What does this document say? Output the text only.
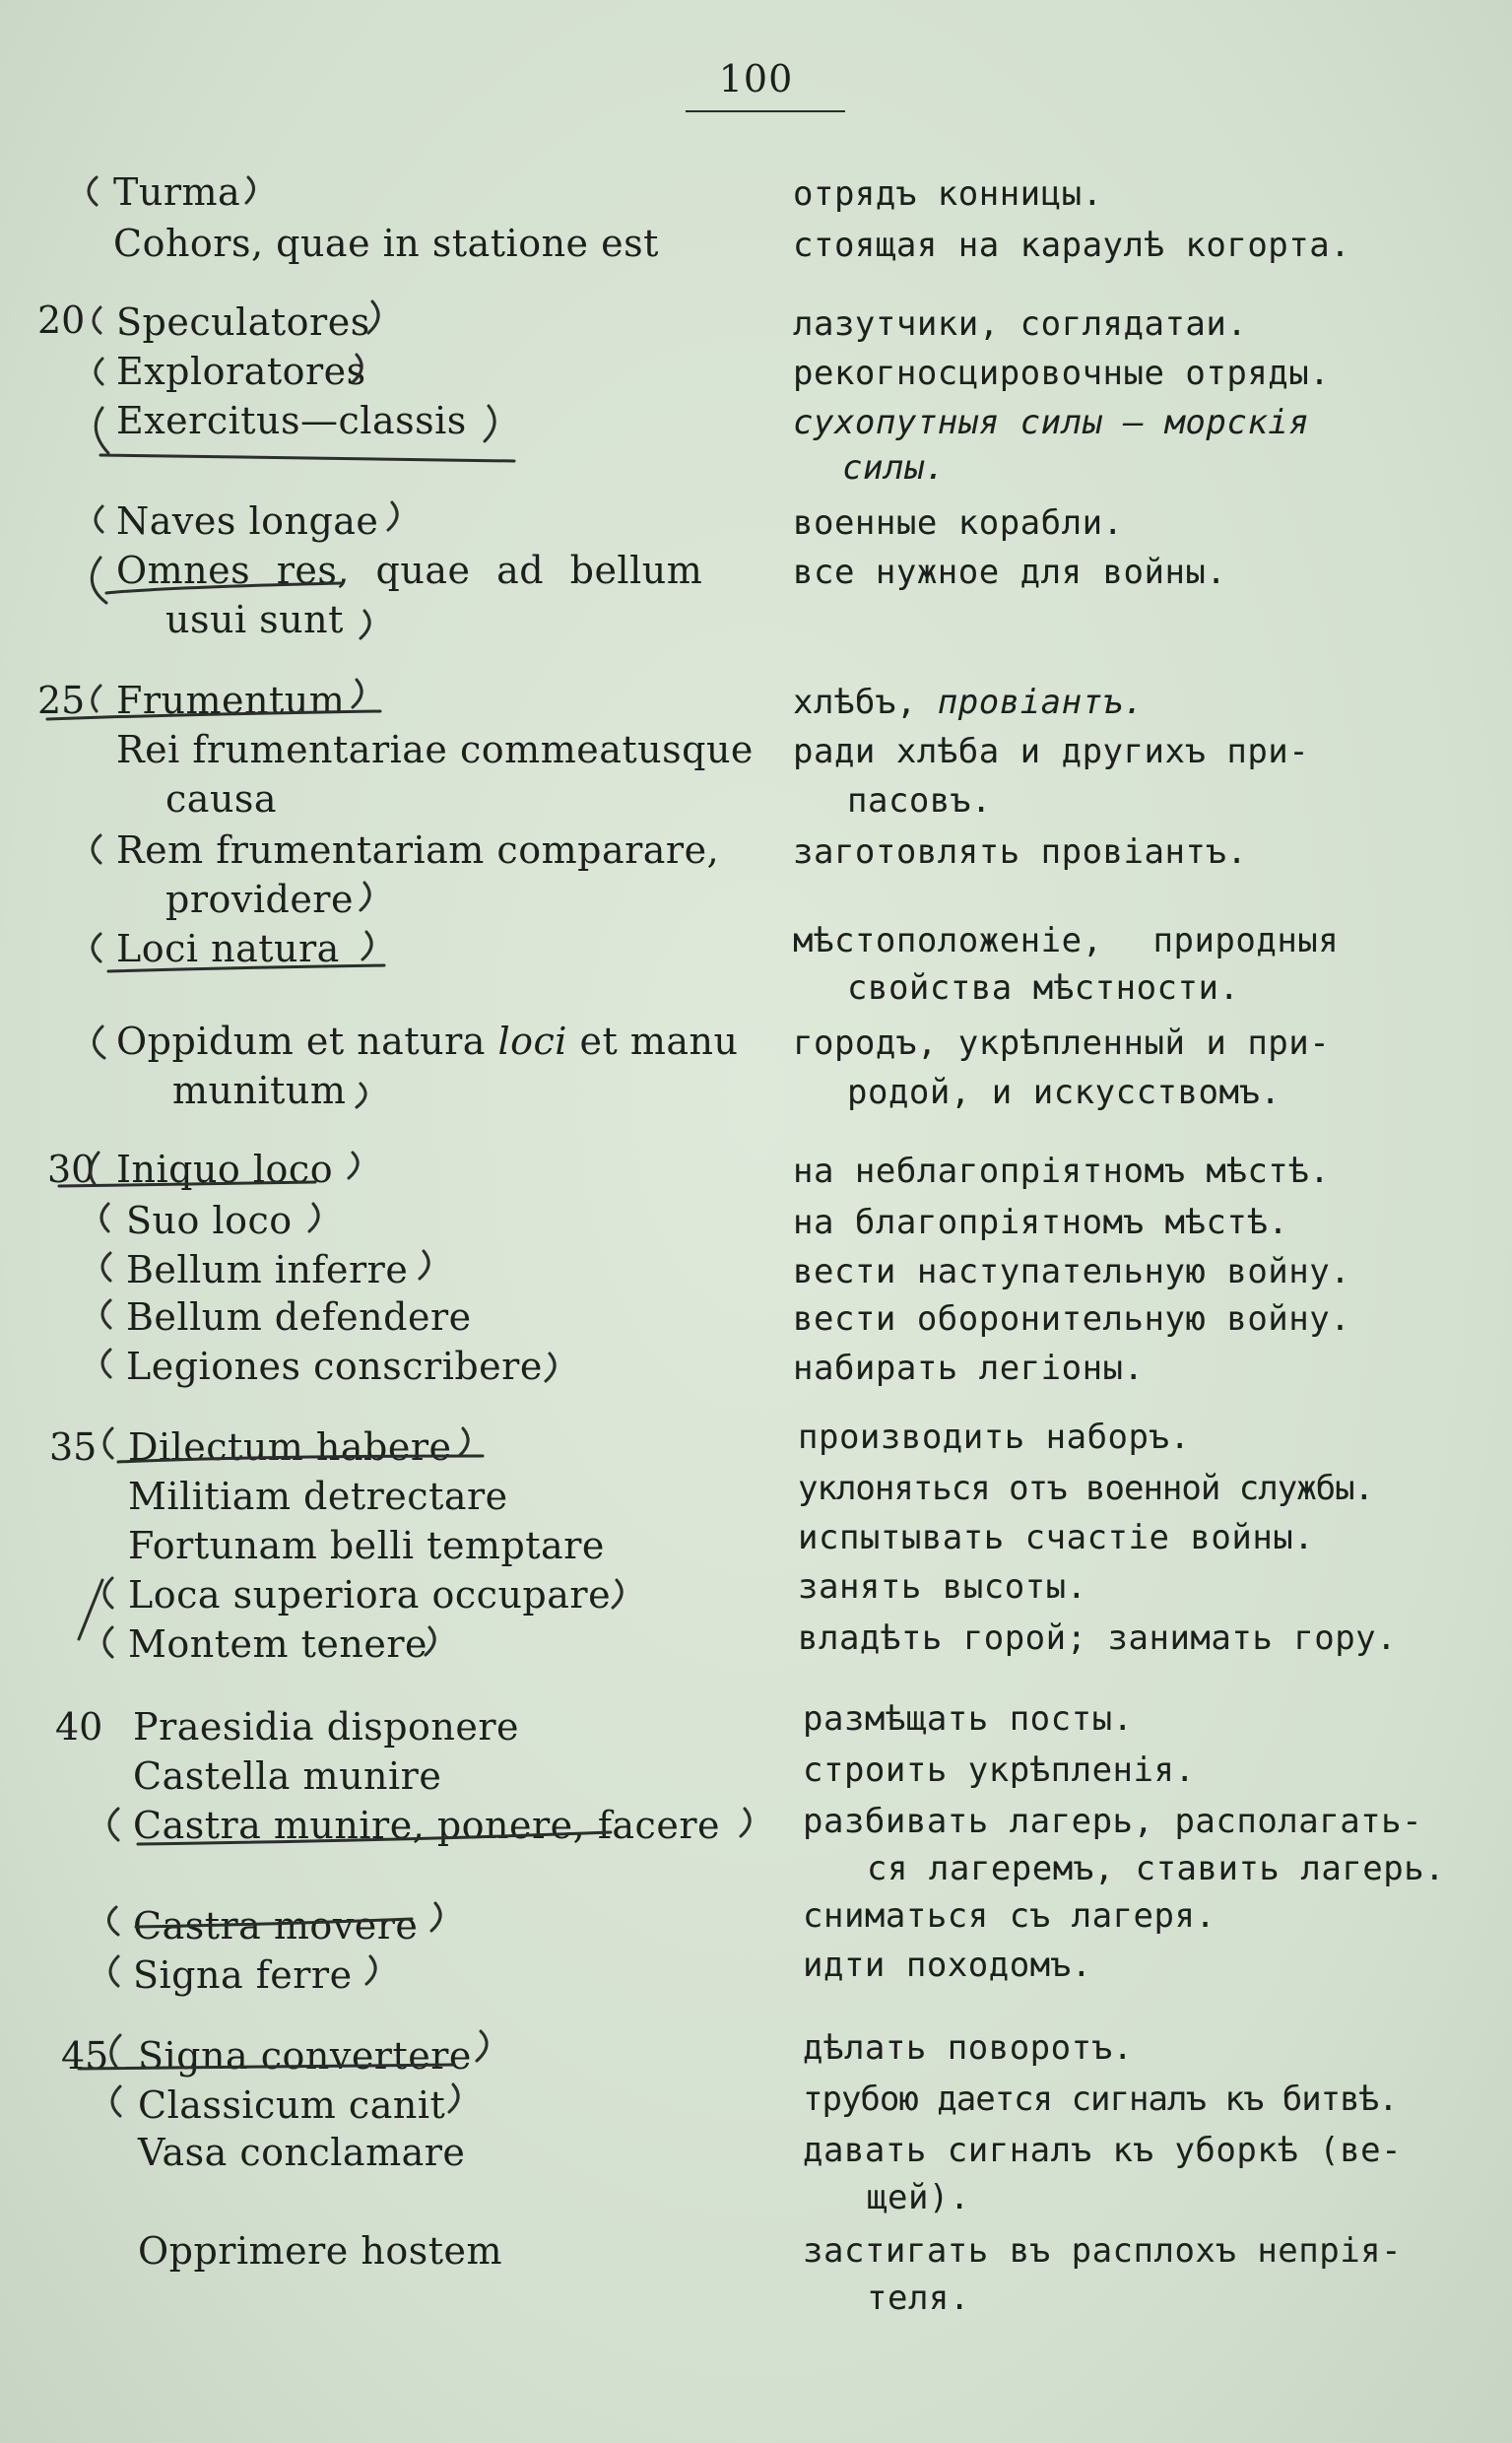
100
Turma	отрядъ конницы.
Cohors, quae in statione est	стоящая на караулѣ когорта.
20 Speculatores	лазутчики, соглядатаи.
Exploratores	рекогносцировочные отряды.
Exercitus—classis	сухопутныя силы — морскія
силы.
Naves longae	военные корабли.
Omnes res, quae ad bellum	все нужное для войны.
usui sunt
25 Frumentum	хлѣбъ, провіантъ.
Rei frumentariae commeatusque ради хлѣба и другихъ при-
causa	пасовъ.
Rem frumentariam comparare, заготовлять провіантъ.
providere
Loci natura	мѣстоположеніе, природныя
свойства мѣстности.
Oppidum et natura loci et manu городъ, укрѣпленный и при-
munitum	родой, и искусствомъ.
30 Iniquo loco	на неблагопріятномъ мѣстѣ.
Suo loco	на благопріятномъ мѣстѣ.
Bellum inferre	вести наступательную войну.
Bellum defendere	вести оборонительную войну.
Legiones conscribere	набирать легіоны.
35 Dilectum habere	производить наборъ.
Militiam detrectare	уклоняться отъ военной службы.
Fortunam belli temptare	испытывать счастіе войны.
Loca superiora occupare	занять высоты.
Montem tenere	владѣть горой; занимать гору.
40 Praesidia disponere	размѣщать посты.
Castella munire	строить укрѣпленія.
Castra munire, ponere, facere разбивать лагерь, располагать-
ся лагеремъ, ставить лагерь.
Castra movere	сниматься съ лагеря.
Signa ferre	идти походомъ.
45 Signa convertere	дѣлать поворотъ.
Classicum canit	трубою дается сигналъ къ битвѣ.
Vasa conclamare	давать сигналъ къ уборкѣ (ве-
щей).
Opprimere hostem	застигать въ расплохъ непрія-
теля.
